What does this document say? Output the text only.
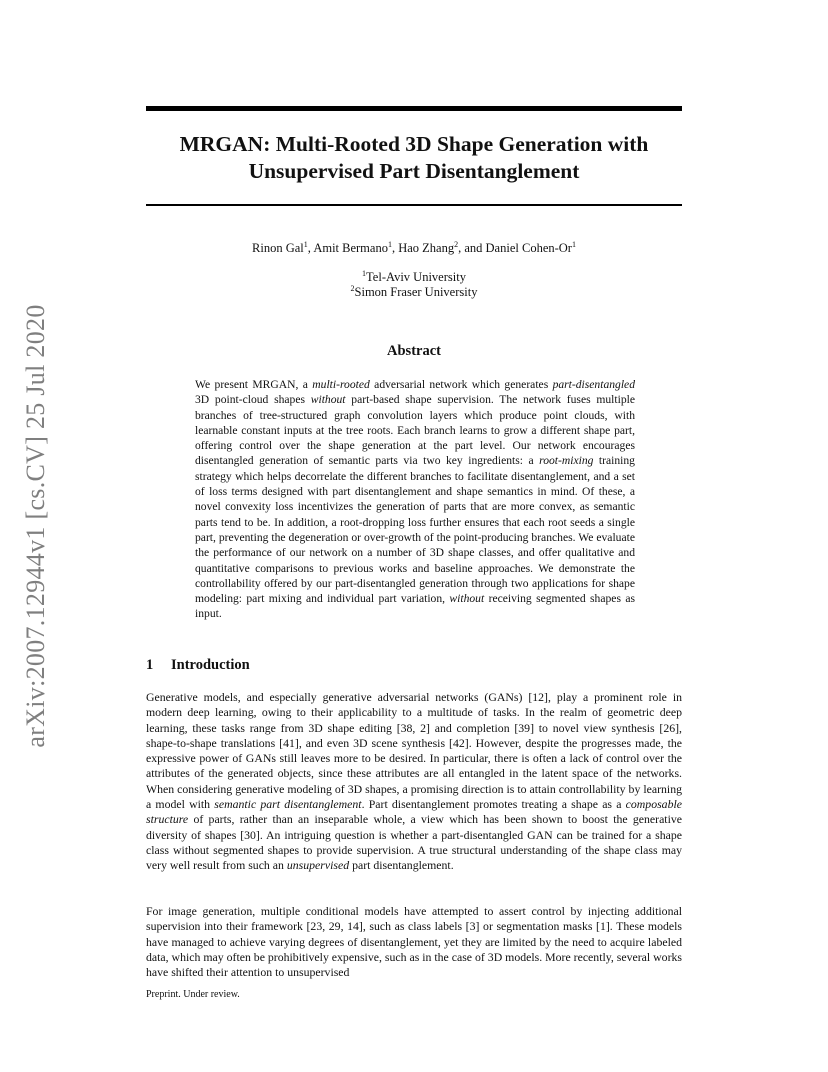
arXiv:2007.12944v1 [cs.CV] 25 Jul 2020
MRGAN: Multi-Rooted 3D Shape Generation with
Unsupervised Part Disentanglement
Rinon Gal$^1$, Amit Bermano$^1$, Hao Zhang$^2$, and Daniel Cohen-Or$^1$
$^1$Tel-Aviv University
$^2$Simon Fraser University
Abstract

We present MRGAN, a multi-rooted adversarial network which generates part-disentangled 3D point-cloud shapes without part-based shape supervision. The network fuses multiple branches of tree-structured graph convolution layers which produce point clouds, with learnable constant inputs at the tree roots. Each branch learns to grow a different shape part, offering control over the shape generation at the part level. Our network encourages disentangled generation of semantic parts via two key ingredients: a root-mixing training strategy which helps decorrelate the different branches to facilitate disentanglement, and a set of loss terms designed with part disentanglement and shape semantics in mind. Of these, a novel convexity loss incentivizes the generation of parts that are more convex, as semantic parts tend to be. In addition, a root-dropping loss further ensures that each root seeds a single part, preventing the degeneration or over-growth of the point-producing branches. We evaluate the performance of our network on a number of 3D shape classes, and offer qualitative and quantitative comparisons to previous works and baseline approaches. We demonstrate the controllability offered by our part-disentangled generation through two applications for shape modeling: part mixing and individual part variation, without receiving segmented shapes as input.

1 Introduction

Generative models, and especially generative adversarial networks (GANs) [12], play a prominent role in modern deep learning, owing to their applicability to a multitude of tasks. In the realm of geometric deep learning, these tasks range from 3D shape editing [38, 2] and completion [39] to novel view synthesis [26], shape-to-shape translations [41], and even 3D scene synthesis [42]. However, despite the progresses made, the expressive power of GANs still leaves more to be desired. In particular, there is often a lack of control over the attributes of the generated objects, since these attributes are all entangled in the latent space of the networks. When considering generative modeling of 3D shapes, a promising direction is to attain controllability by learning a model with semantic part disentanglement. Part disentanglement promotes treating a shape as a composable structure of parts, rather than an inseparable whole, a view which has been shown to boost the generative diversity of shapes [30]. An intriguing question is whether a part-disentangled GAN can be trained for a shape class without segmented shapes to provide supervision. A true structural understanding of the shape class may very well result from such an unsupervised part disentanglement.

For image generation, multiple conditional models have attempted to assert control by injecting additional supervision into their framework [23, 29, 14], such as class labels [3] or segmentation masks [1]. These models have managed to achieve varying degrees of disentanglement, yet they are limited by the need to acquire labeled data, which may often be prohibitively expensive, such as in the case of 3D models. More recently, several works have shifted their attention to unsupervised

Preprint. Under review.
